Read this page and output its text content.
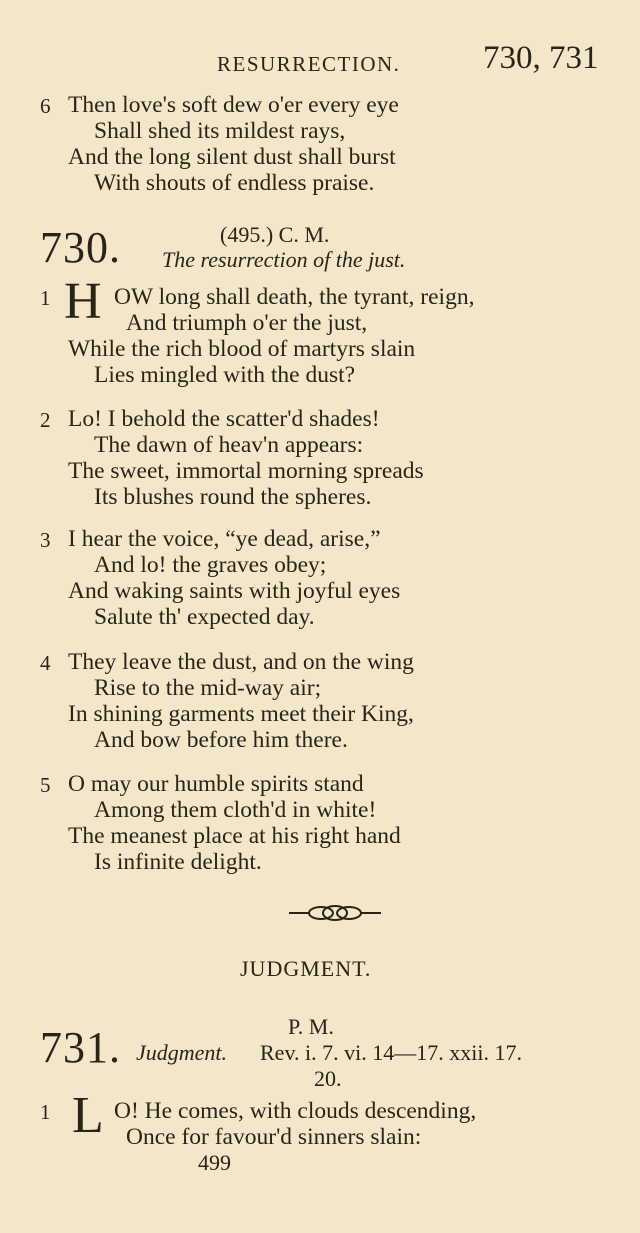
RESURRECTION.	730, 731
6 Then love's soft dew o'er every eye
Shall shed its mildest rays,
And the long silent dust shall burst
With shouts of endless praise.
730.	(495.) C. M.
The resurrection of the just.
1 H OW long shall death, the tyrant, reign,
And triumph o'er the just,
While the rich blood of martyrs slain
Lies mingled with the dust?
2 Lo! I behold the scatter'd shades!
The dawn of heav'n appears:
The sweet, immortal morning spreads
Its blushes round the spheres.
3 I hear the voice, “ye dead, arise,”
And lo! the graves obey;
And waking saints with joyful eyes
Salute th' expected day.
4 They leave the dust, and on the wing
Rise to the mid-way air;
In shining garments meet their King,
And bow before him there.
5 O may our humble spirits stand
Among them cloth'd in white!
The meanest place at his right hand
Is infinite delight.
JUDGMENT.
P. M.
731. Judgment. Rev. i. 7. vi. 14—17. xxii. 17.
20.
1 L O! He comes, with clouds descending,
Once for favour'd sinners slain:
499
